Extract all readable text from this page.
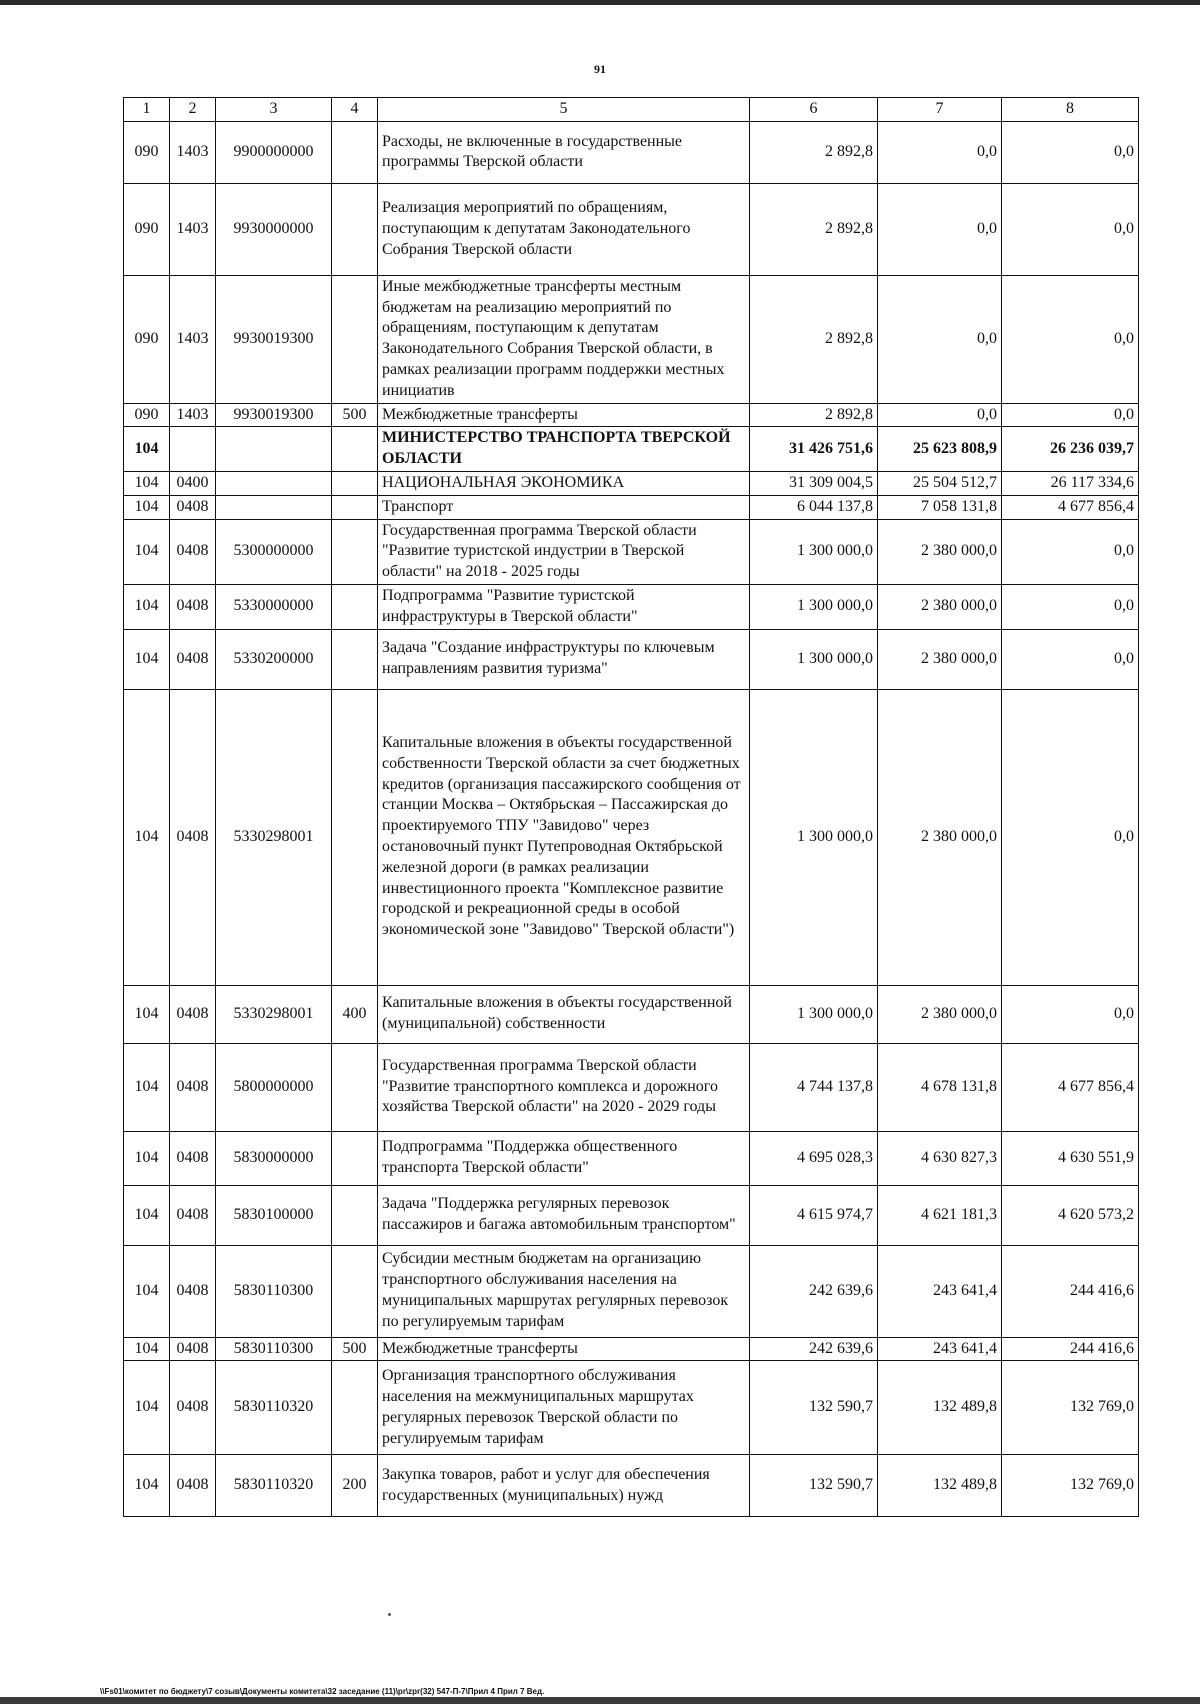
91
1	2	3	4	5	6	7	8
090	1403	9900000000		Расходы, не включенные в государственные программы Тверской области	2 892,8	0,0	0,0
090	1403	9930000000		Реализация мероприятий по обращениям, поступающим к депутатам Законодательного Собрания Тверской области	2 892,8	0,0	0,0
090	1403	9930019300		Иные межбюджетные трансферты местным бюджетам на реализацию мероприятий по обращениям, поступающим к депутатам Законодательного Собрания Тверской области, в рамках реализации программ поддержки местных инициатив	2 892,8	0,0	0,0
090	1403	9930019300	500	Межбюджетные трансферты	2 892,8	0,0	0,0
104				МИНИСТЕРСТВО ТРАНСПОРТА ТВЕРСКОЙ ОБЛАСТИ	31 426 751,6	25 623 808,9	26 236 039,7
104	0400			НАЦИОНАЛЬНАЯ ЭКОНОМИКА	31 309 004,5	25 504 512,7	26 117 334,6
104	0408			Транспорт	6 044 137,8	7 058 131,8	4 677 856,4
104	0408	5300000000		Государственная программа Тверской области "Развитие туристской индустрии в Тверской области" на 2018 - 2025 годы	1 300 000,0	2 380 000,0	0,0
104	0408	5330000000		Подпрограмма "Развитие туристской инфраструктуры в Тверской области"	1 300 000,0	2 380 000,0	0,0
104	0408	5330200000		Задача "Создание инфраструктуры по ключевым направлениям развития туризма"	1 300 000,0	2 380 000,0	0,0
104	0408	5330298001		Капитальные вложения в объекты государственной собственности Тверской области за счет бюджетных кредитов (организация пассажирского сообщения от станции Москва – Октябрьская – Пассажирская до проектируемого ТПУ "Завидово" через остановочный пункт Путепроводная Октябрьской железной дороги (в рамках реализации инвестиционного проекта "Комплексное развитие городской и рекреационной среды в особой экономической зоне "Завидово" Тверской области")	1 300 000,0	2 380 000,0	0,0
104	0408	5330298001	400	Капитальные вложения в объекты государственной (муниципальной) собственности	1 300 000,0	2 380 000,0	0,0
104	0408	5800000000		Государственная программа Тверской области "Развитие транспортного комплекса и дорожного хозяйства Тверской области" на 2020 - 2029 годы	4 744 137,8	4 678 131,8	4 677 856,4
104	0408	5830000000		Подпрограмма "Поддержка общественного транспорта Тверской области"	4 695 028,3	4 630 827,3	4 630 551,9
104	0408	5830100000		Задача "Поддержка регулярных перевозок пассажиров и багажа автомобильным транспортом"	4 615 974,7	4 621 181,3	4 620 573,2
104	0408	5830110300		Субсидии местным бюджетам на организацию транспортного обслуживания населения на муниципальных маршрутах регулярных перевозок по регулируемым тарифам	242 639,6	243 641,4	244 416,6
104	0408	5830110300	500	Межбюджетные трансферты	242 639,6	243 641,4	244 416,6
104	0408	5830110320		Организация транспортного обслуживания населения на межмуниципальных маршрутах регулярных перевозок Тверской области по регулируемым тарифам	132 590,7	132 489,8	132 769,0
104	0408	5830110320	200	Закупка товаров, работ и услуг для обеспечения государственных (муниципальных) нужд	132 590,7	132 489,8	132 769,0
\\Fs01\комитет по бюджету\7 созыв\Документы комитета\32 заседание (11)\pr\zpr(32) 547-П-7\Прил 4 Прил 7 Вед.
